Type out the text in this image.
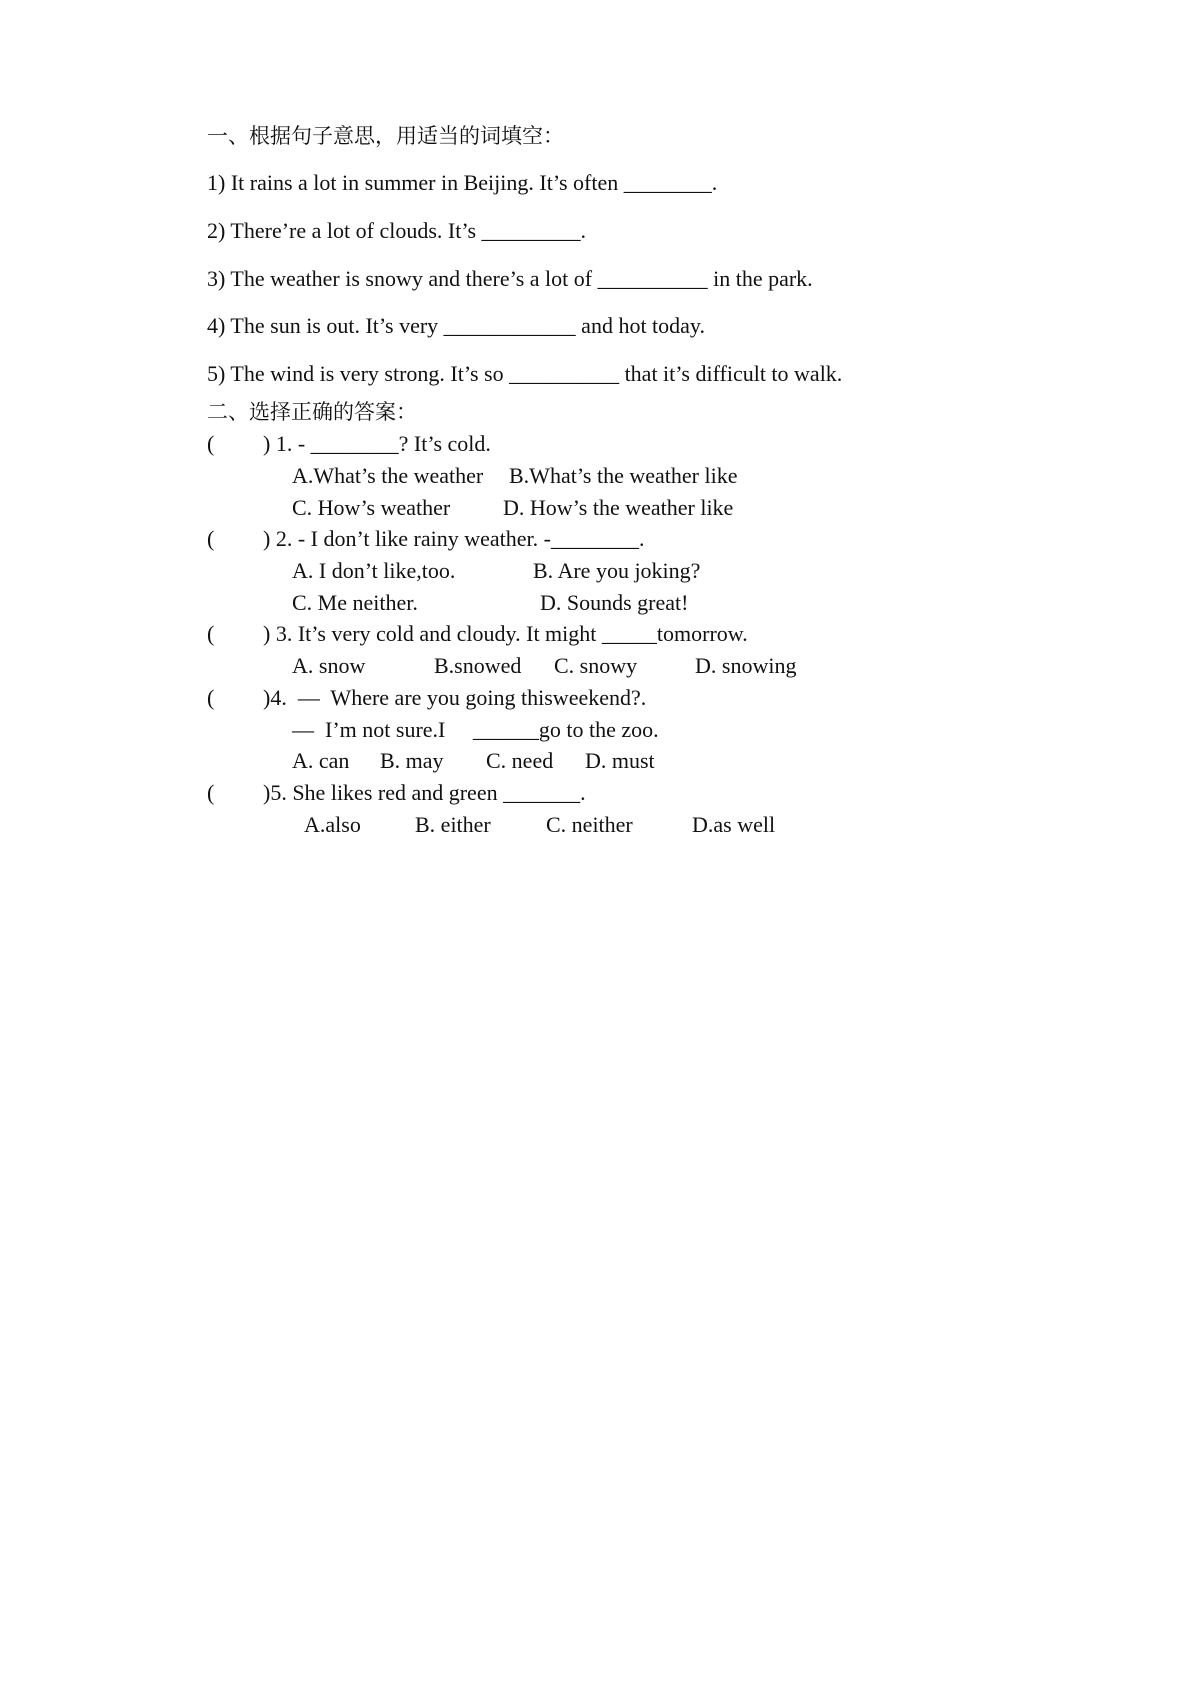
一、根据句子意思，用适当的词填空：
1) It rains a lot in summer in Beijing. It’s often ________.
2) There’re a lot of clouds. It’s _________.
3) The weather is snowy and there’s a lot of __________ in the park.
4) The sun is out. It’s very ____________ and hot today.
5) The wind is very strong. It’s so __________ that it’s difficult to walk.
二、选择正确的答案：
( ) 1. - ________? It’s cold.
A.What’s the weather B.What’s the weather like
C. How’s weather D. How’s the weather like
( ) 2. - I don’t like rainy weather. -________.
A. I don’t like,too.	B. Are you joking?
C. Me neither.	D. Sounds great!
( ) 3. It’s very cold and cloudy. It might _____tomorrow.
A. snow	B.snowed C. snowy	D. snowing
( )4.  —  Where are you going thisweekend?.
—  I’m not sure.I     ______go to the zoo.
A. can B. may C. need D. must
( )5. She likes red and green _______.
A.also B. either	C. neither	D.as well
